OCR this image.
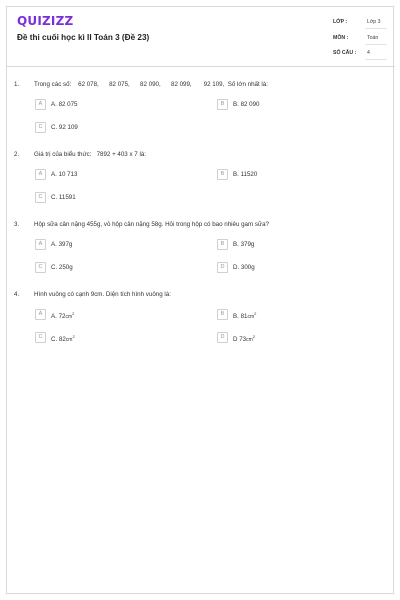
QUIZIZZ
Đề thi cuối học kì II Toán 3 (Đề 23)
LỚP :	Lớp 3
MÔN :	Toán
SỐ CÂU : 4
1. Trong các số:    62 078,      82 075,      82 090,      82 099,       92 109,  Số lớn nhất là:
A	A. 82 075	B	B. 82 090
C	C. 92 109
2. Giá trị của biểu thức:   7892 + 403 x 7 là:
A	A. 10 713	B	B. 11520
C	C. 11591
3. Hộp sữa cân nặng 455g, vỏ hộp cân nặng 58g. Hỏi trong hộp có bao nhiêu gam sữa?
A	A. 397g	B	B. 379g
C	C. 250g	D	D. 300g
4. Hình vuông có cạnh 9cm. Diện tích hình vuông là:
A	A. $72cm^2$	B	B. $81cm^2$
C	C. $82cm^2$	D	D $73cm^2$
